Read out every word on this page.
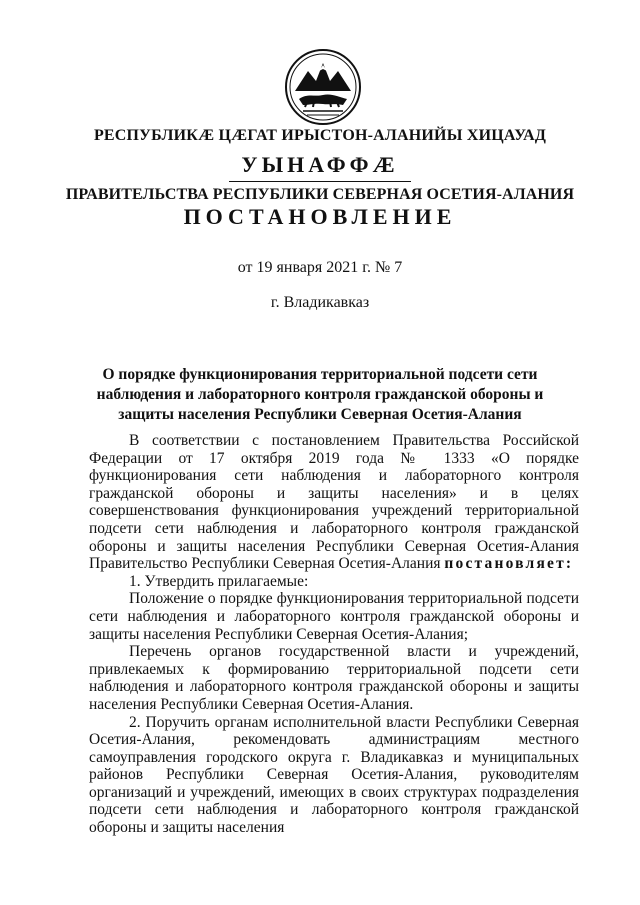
РЕСПУБЛИКÆ ЦÆГАТ ИРЫСТОН-АЛАНИЙЫ ХИЦАУАД

УЫНАФФÆ

ПРАВИТЕЛЬСТВА РЕСПУБЛИКИ СЕВЕРНАЯ ОСЕТИЯ-АЛАНИЯ

ПОСТАНОВЛЕНИЕ

от 19 января 2021 г. № 7

г. Владикавказ

О порядке функционирования территориальной подсети сети наблюдения и лабораторного контроля гражданской обороны и защиты населения Республики Северная Осетия-Алания

В соответствии с постановлением Правительства Российской Федерации от 17 октября 2019 года № 1333 «О порядке функционирования сети наблюдения и лабораторного контроля гражданской обороны и защиты населения» и в целях совершенствования функционирования учреждений территориальной подсети сети наблюдения и лабораторного контроля гражданской обороны и защиты населения Республики Северная Осетия-Алания Правительство Республики Северная Осетия-Алания постановляет:

1. Утвердить прилагаемые:

Положение о порядке функционирования территориальной подсети сети наблюдения и лабораторного контроля гражданской обороны и защиты населения Республики Северная Осетия-Алания;

Перечень органов государственной власти и учреждений, привлекаемых к формированию территориальной подсети сети наблюдения и лабораторного контроля гражданской обороны и защиты населения Республики Северная Осетия-Алания.

2. Поручить органам исполнительной власти Республики Северная Осетия-Алания, рекомендовать администрациям местного самоуправления городского округа г. Владикавказ и муниципальных районов Республики Северная Осетия-Алания, руководителям организаций и учреждений, имеющих в своих структурах подразделения подсети сети наблюдения и лабораторного контроля гражданской обороны и защиты населения
